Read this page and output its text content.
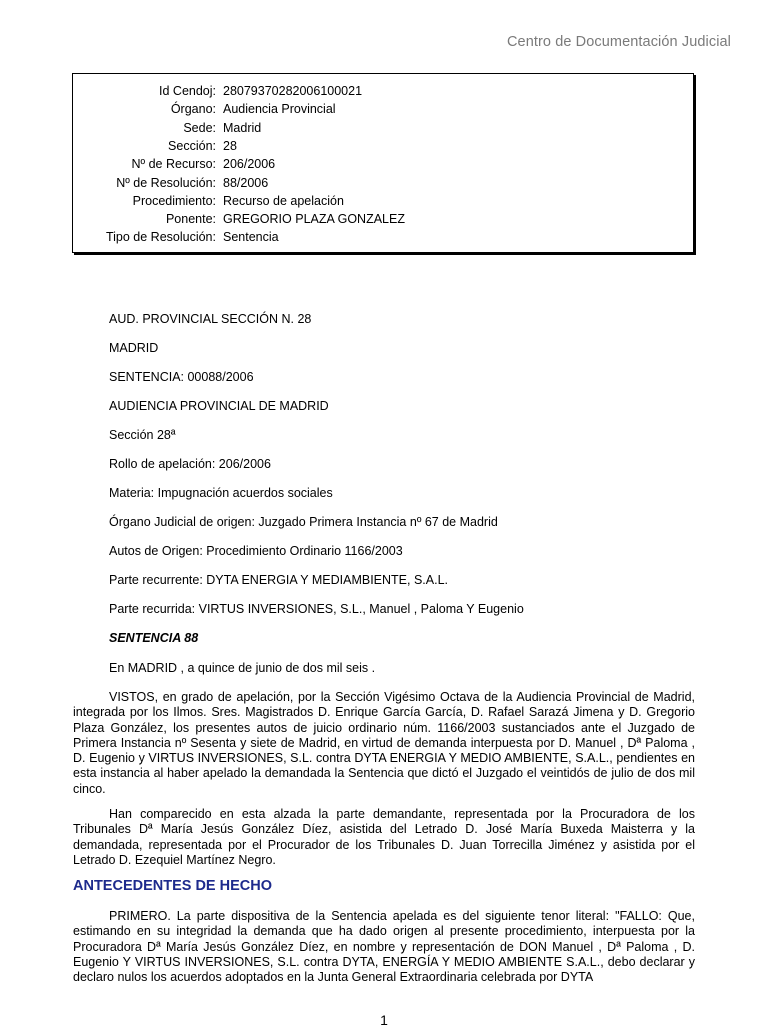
Centro de Documentación Judicial
Id Cendoj: 28079370282006100021
Órgano: Audiencia Provincial
Sede: Madrid
Sección: 28
Nº de Recurso: 206/2006
Nº de Resolución: 88/2006
Procedimiento: Recurso de apelación
Ponente: GREGORIO PLAZA GONZALEZ
Tipo de Resolución: Sentencia
AUD. PROVINCIAL SECCIÓN N. 28
MADRID
SENTENCIA: 00088/2006
AUDIENCIA PROVINCIAL DE MADRID
Sección 28ª
Rollo de apelación: 206/2006
Materia: Impugnación acuerdos sociales
Órgano Judicial de origen: Juzgado Primera Instancia nº 67 de Madrid
Autos de Origen: Procedimiento Ordinario 1166/2003
Parte recurrente: DYTA ENERGIA Y MEDIAMBIENTE, S.A.L.
Parte recurrida: VIRTUS INVERSIONES, S.L., Manuel , Paloma Y Eugenio
SENTENCIA 88
En MADRID , a quince de junio de dos mil seis .

VISTOS, en grado de apelación, por la Sección Vigésimo Octava de la Audiencia Provincial de Madrid, integrada por los Ilmos. Sres. Magistrados D. Enrique García García, D. Rafael Sarazá Jimena y D. Gregorio Plaza González, los presentes autos de juicio ordinario núm. 1166/2003 sustanciados ante el Juzgado de Primera Instancia nº Sesenta y siete de Madrid, en virtud de demanda interpuesta por D. Manuel , Dª Paloma , D. Eugenio y VIRTUS INVERSIONES, S.L. contra DYTA ENERGIA Y MEDIO AMBIENTE, S.A.L., pendientes en esta instancia al haber apelado la demandada la Sentencia que dictó el Juzgado el veintidós de julio de dos mil cinco.

Han comparecido en esta alzada la parte demandante, representada por la Procuradora de los Tribunales Dª María Jesús González Díez, asistida del Letrado D. José María Buxeda Maisterra y la demandada, representada por el Procurador de los Tribunales D. Juan Torrecilla Jiménez y asistida por el Letrado D. Ezequiel Martínez Negro.

ANTECEDENTES DE HECHO

PRIMERO. La parte dispositiva de la Sentencia apelada es del siguiente tenor literal: "FALLO: Que, estimando en su integridad la demanda que ha dado origen al presente procedimiento, interpuesta por la Procuradora Dª María Jesús González Díez, en nombre y representación de DON Manuel , Dª Paloma , D. Eugenio Y VIRTUS INVERSIONES, S.L. contra DYTA, ENERGÍA Y MEDIO AMBIENTE S.A.L., debo declarar y declaro nulos los acuerdos adoptados en la Junta General Extraordinaria celebrada por DYTA

1
